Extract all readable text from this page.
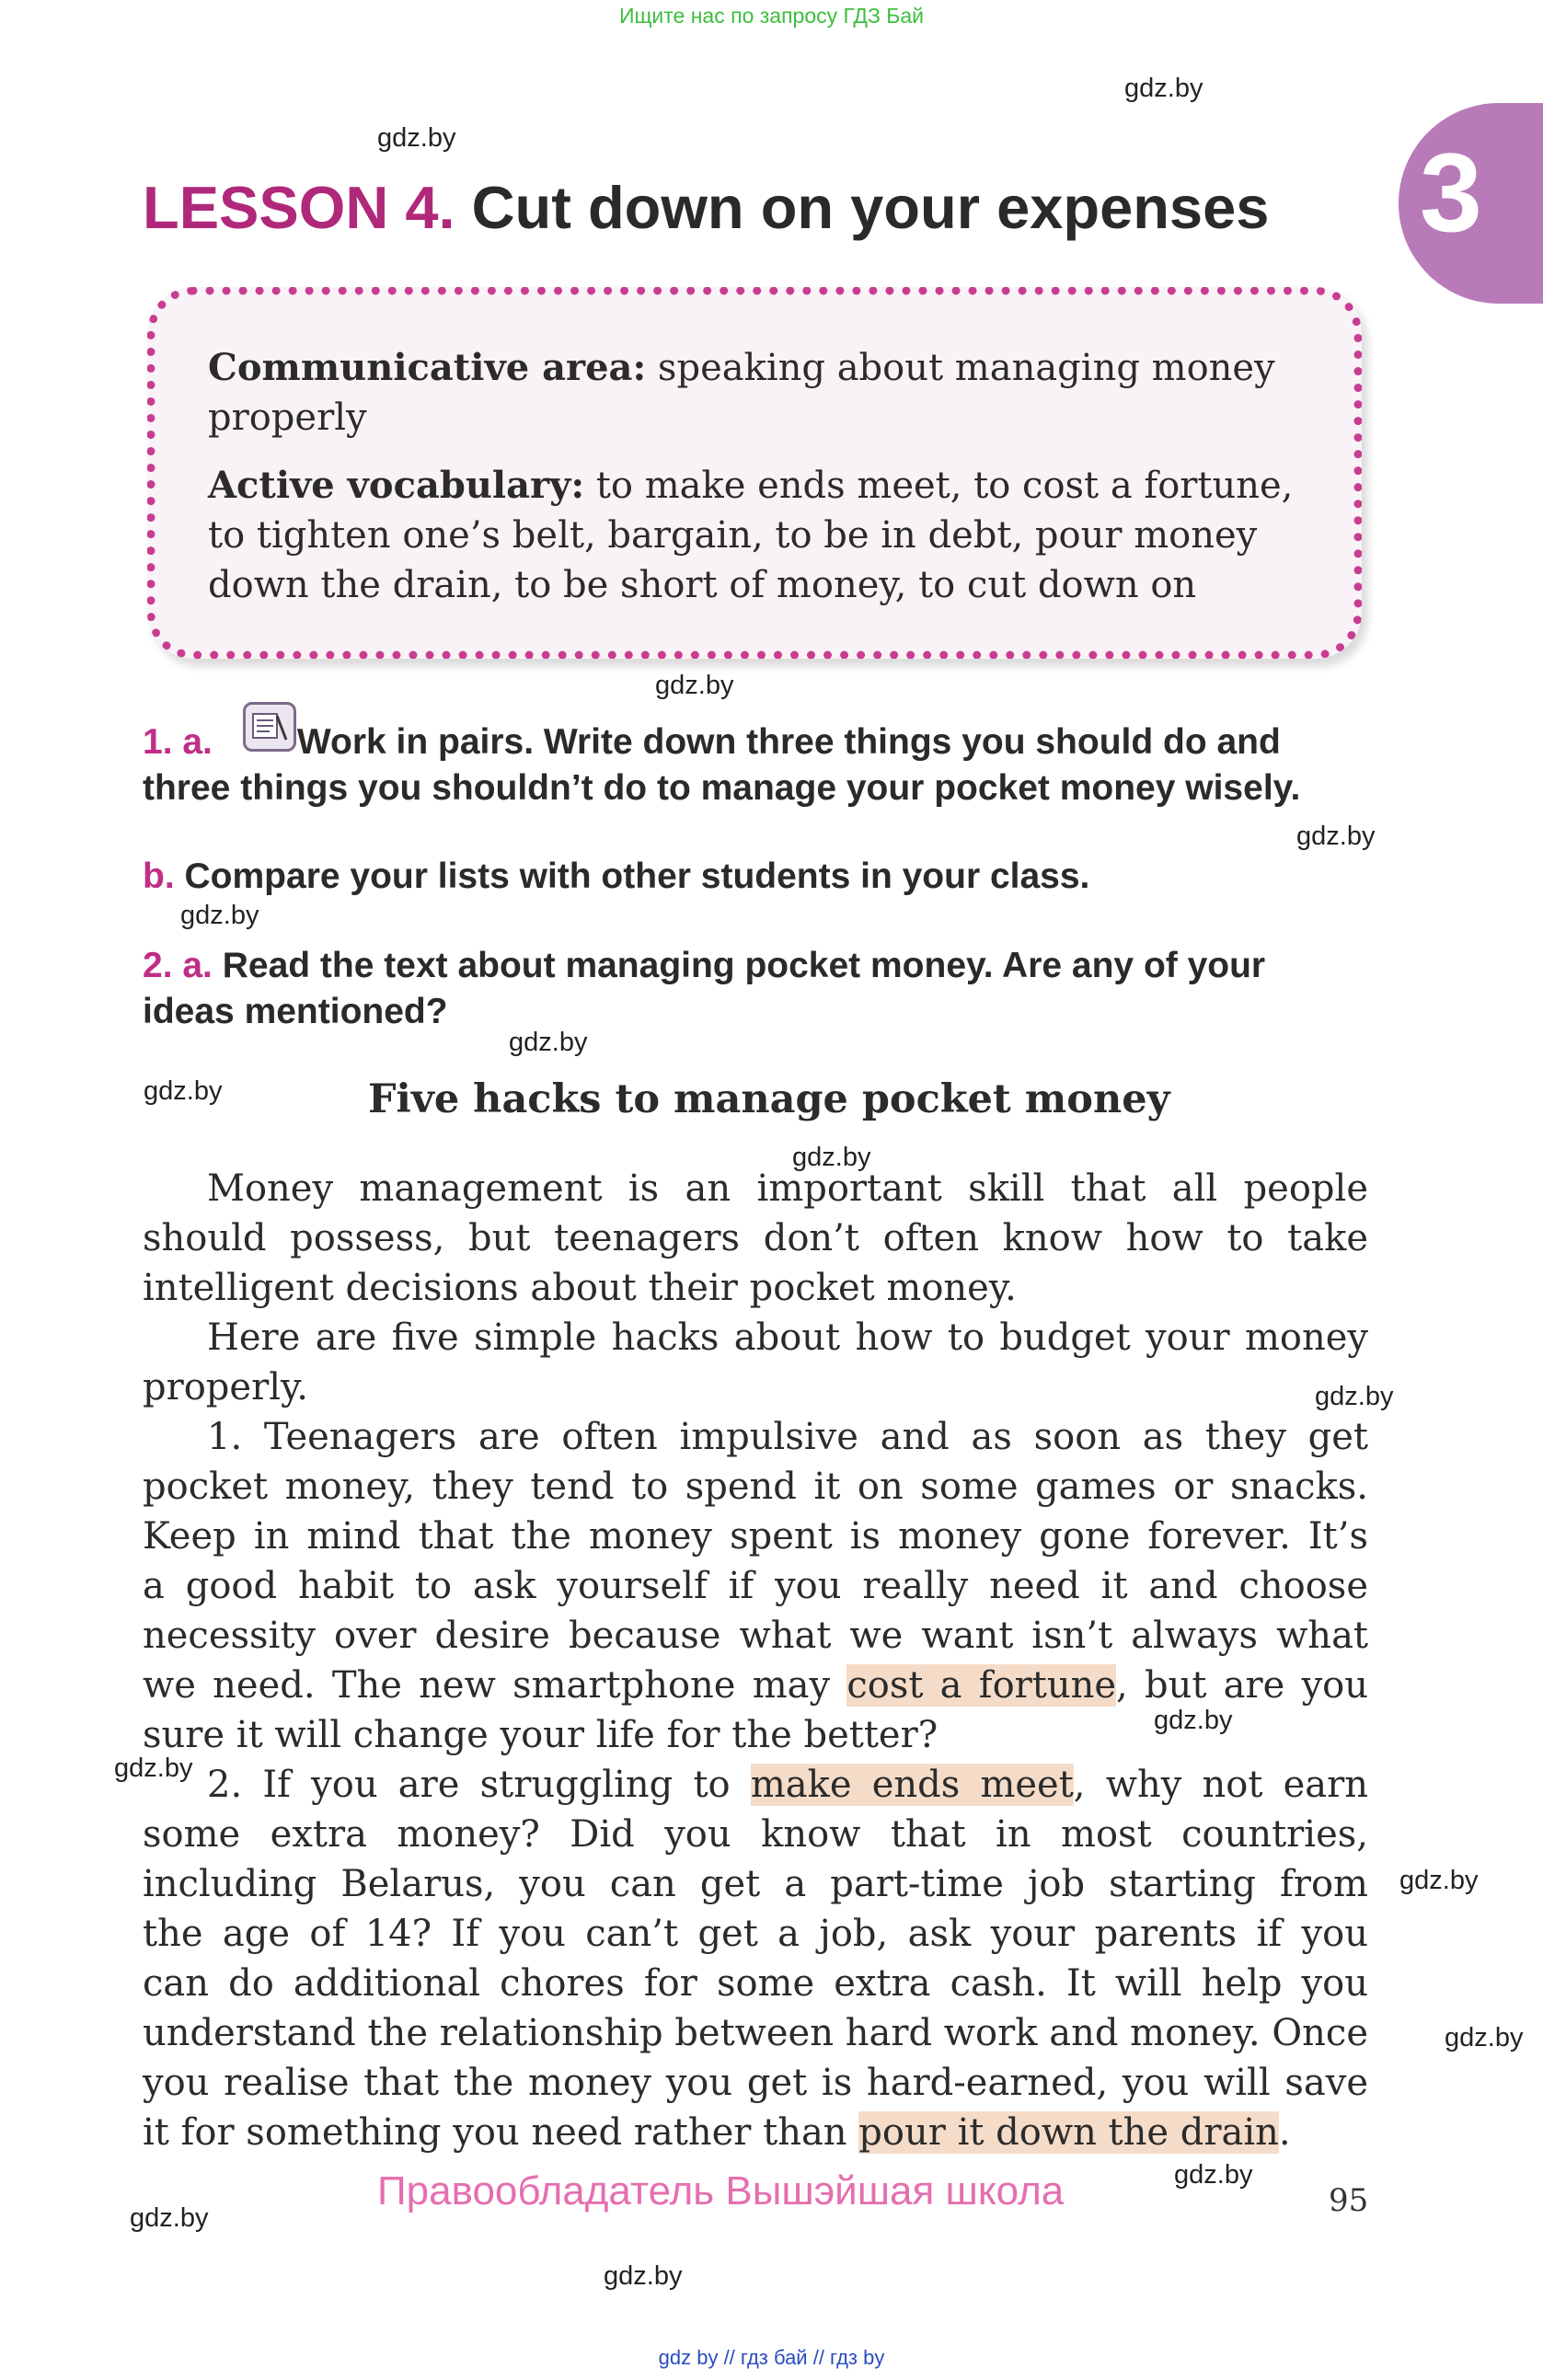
Ищите нас по запросу ГДЗ Бай
gdz.by
gdz.by
gdz.by
gdz.by
gdz.by
gdz.by
gdz.by
gdz.by
gdz.by
gdz.by
gdz.by
gdz.by
gdz.by
gdz.by
gdz.by
gdz.by
3
LESSON 4. Cut down on your expenses
Communicative area: speaking about managing money
properly
Active vocabulary: to make ends meet, to cost a fortune,
to tighten one’s belt, bargain, to be in debt, pour money
down the drain, to be short of money, to cut down on
1. a. Work in pairs. Write down three things you should do and
three things you shouldn’t do to manage your pocket money wisely.
b. Compare your lists with other students in your class.
2. a. Read the text about managing pocket money. Are any of your
ideas mentioned?
Five hacks to manage pocket money
Money management is an important skill that all people
should possess, but teenagers don’t often know how to take
intelligent decisions about their pocket money.
Here are five simple hacks about how to budget your money
properly.
1. Teenagers are often impulsive and as soon as they get
pocket money, they tend to spend it on some games or snacks.
Keep in mind that the money spent is money gone forever. It’s
a good habit to ask yourself if you really need it and choose
necessity over desire because what we want isn’t always what
we need. The new smartphone may cost a fortune, but are you
sure it will change your life for the better?
2. If you are struggling to make ends meet, why not earn
some extra money? Did you know that in most countries,
including Belarus, you can get a part-time job starting from
the age of 14? If you can’t get a job, ask your parents if you
can do additional chores for some extra cash. It will help you
understand the relationship between hard work and money. Once
you realise that the money you get is hard-earned, you will save
it for something you need rather than pour it down the drain.
Правообладатель Вышэйшая школа	95
gdz by // гдз бай // гдз by
